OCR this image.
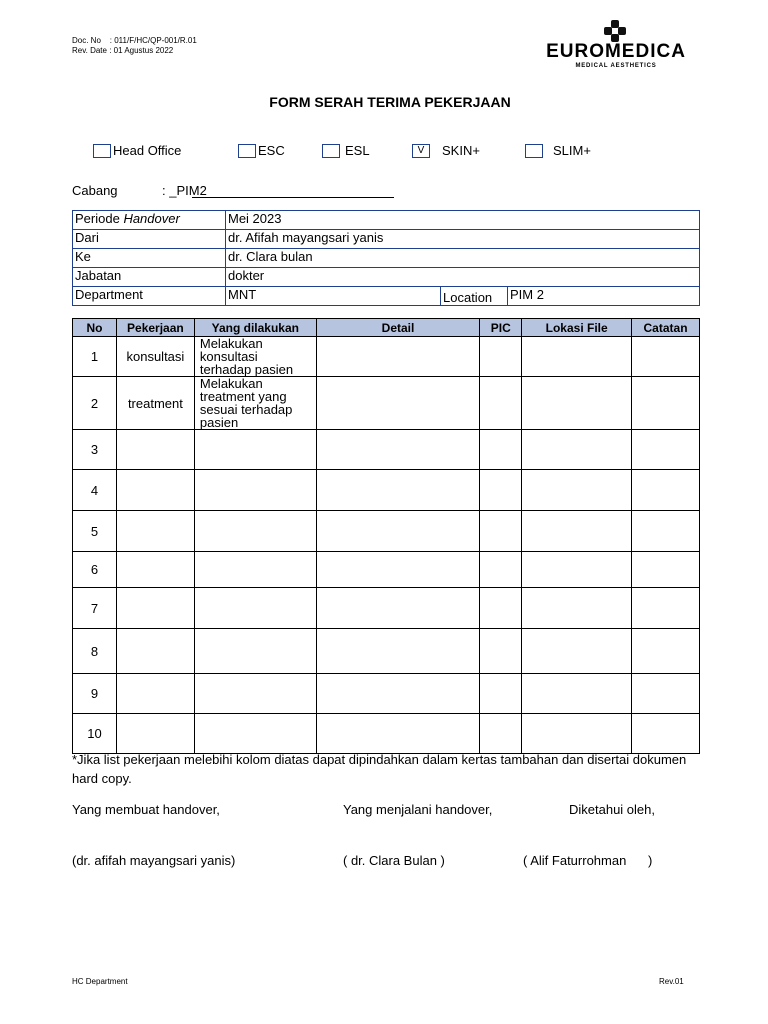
Doc. No    : 011/F/HC/QP-001/R.01
Rev. Date : 01 Agustus 2022	EUROMEDICA
MEDICAL AESTHETICS
FORM SERAH TERIMA PEKERJAAN
Head Office	ESC	ESL	V	SKIN+	SLIM+
Cabang	: _PIM2
Periode Handover	Mei 2023		
Dari	dr. Afifah mayangsari yanis		
Ke	dr. Clara bulan		
Jabatan	dokter		
Department	MNT	Location	PIM 2
No	Pekerjaan	Yang dilakukan	Detail	PIC	Lokasi File	Catatan
1	konsultasi	Melakukan
konsultasi
terhadap pasien				
2	treatment	Melakukan
treatment yang
sesuai terhadap
pasien				
3						
4						
5						
6						
7						
8						
9						
10						
*Jika list pekerjaan melebihi kolom diatas dapat dipindahkan dalam kertas tambahan dan disertai dokumen hard copy.
Yang membuat handover,	Yang menjalani handover,	Diketahui oleh,
(dr. afifah mayangsari yanis)	( dr. Clara Bulan )	( Alif Faturrohman      )
HC Department	Rev.01
